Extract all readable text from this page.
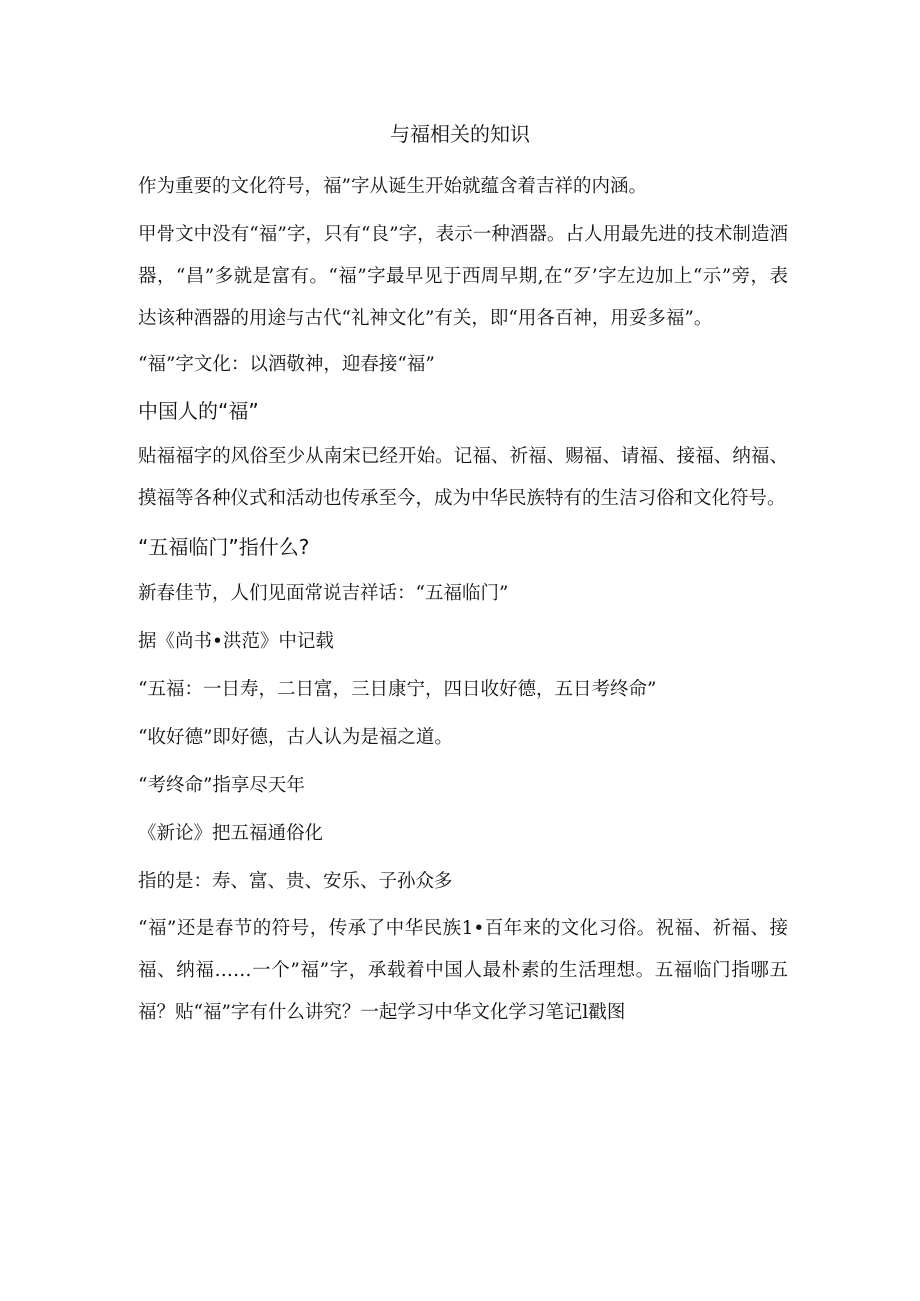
与福相关的知识

作为重要的文化符号，福”字从诞生开始就蕴含着吉祥的内涵。

甲骨文中没有“福”字，只有“良”字，表示一种酒器。占人用最先进的技术制造酒器，“昌”多就是富有。“福”字最早见于西周早期,在“歹’字左边加上“示”旁，表达该种酒器的用途与古代“礼神文化”有关，即“用各百神，用妥多福”。

“福”字文化：以酒敬神，迎春接“福”

中国人的“福”

贴福福字的风俗至少从南宋已经开始。记福、祈福、赐福、请福、接福、纳福、摸福等各种仪式和活动也传承至今，成为中华民族特有的生洁习俗和文化符号。

“五福临门”指什么?

新春佳节，人们见面常说吉祥话：“五福临门”

据《尚书•洪范》中记载

“五福：一日寿，二日富，三日康宁，四日收好德，五日考终命”

“收好德”即好德，古人认为是福之道。

“考终命”指享尽天年

《新论》把五福通俗化

指的是：寿、富、贵、安乐、子孙众多

“福”还是春节的符号，传承了中华民族1•百年来的文化习俗。祝福、祈福、接福、纳福……一个”福”字，承载着中国人最朴素的生活理想。五福临门指哪五福？贴“福”字有什么讲究？一起学习中华文化学习笔记l戳图
